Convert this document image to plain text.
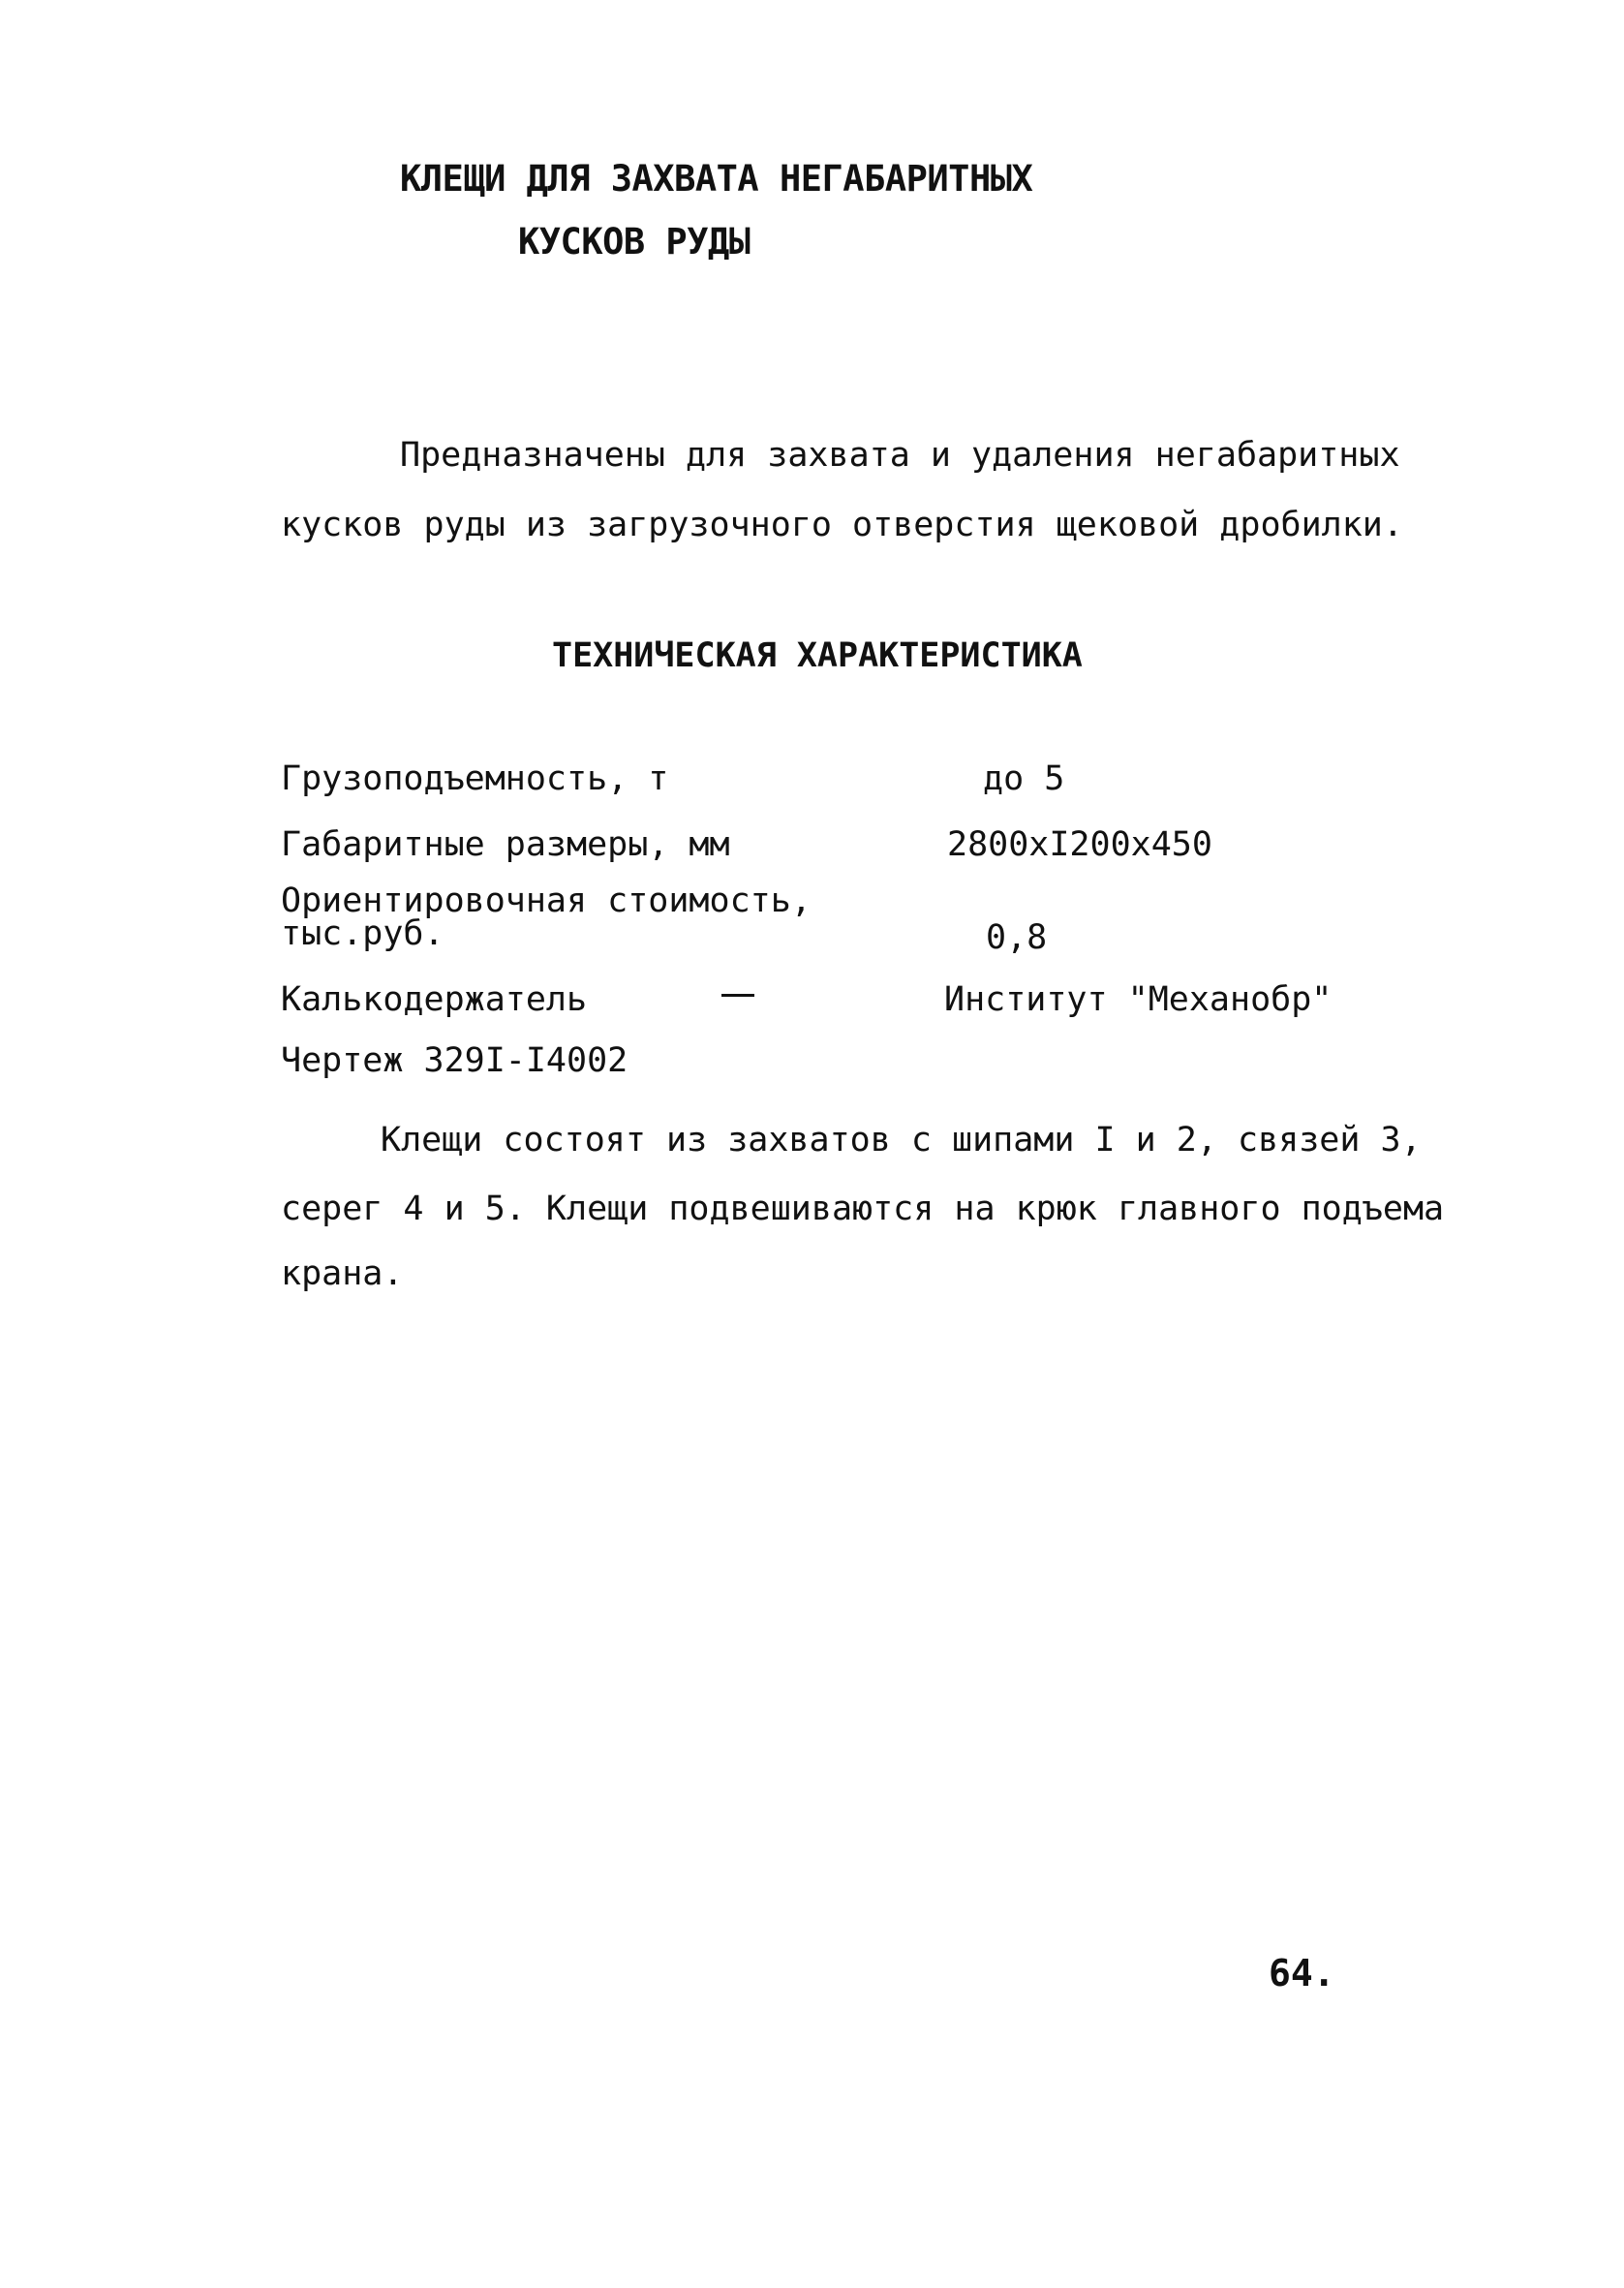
КЛЕЩИ ДЛЯ ЗАХВАТА НЕГАБАРИТНЫХ
КУСКОВ РУДЫ
Предназначены для захвата и удаления негабаритных
кусков руды из загрузочного отверстия щековой дробилки.
ТЕХНИЧЕСКАЯ ХАРАКТЕРИСТИКА
Грузоподъемность, т	до 5
Габаритные размеры, мм	2800хI200х450
Ориентировочная стоимость,
тыс.руб.	0,8
Калькодержатель	Институт "Механобр"
Чертеж 329I-I4002
Клещи состоят из захватов с шипами I и 2, связей 3,
серег 4 и 5. Клещи подвешиваются на крюк главного подъема
крана.
64.
